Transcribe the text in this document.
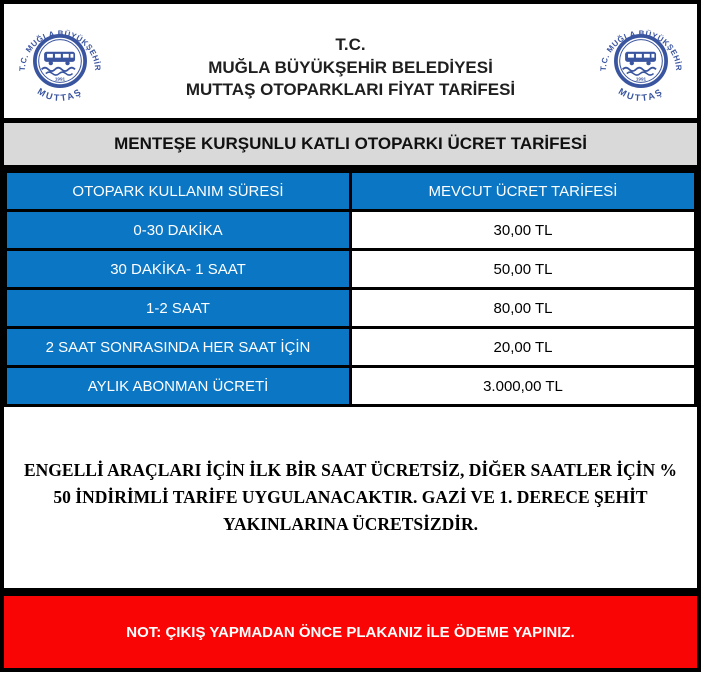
1991
T.C. MUĞLA BÜYÜKŞEHİR
MUTTAŞ
T.C.
MUĞLA BÜYÜKŞEHİR BELEDİYESİ
MUTTAŞ OTOPARKLARI FİYAT TARİFESİ
1991
T.C. MUĞLA BÜYÜKŞEHİR
MUTTAŞ
MENTEŞE KURŞUNLU KATLI OTOPARKI ÜCRET TARİFESİ
OTOPARK KULLANIM SÜRESİ	MEVCUT ÜCRET TARİFESİ
0-30 DAKİKA	30,00 TL
30 DAKİKA- 1 SAAT	50,00 TL
1-2 SAAT	80,00 TL
2 SAAT SONRASINDA HER SAAT İÇİN	20,00 TL
AYLIK ABONMAN ÜCRETİ	3.000,00 TL

ENGELLİ ARAÇLARI İÇİN İLK BİR SAAT ÜCRETSİZ, DİĞER SAATLER İÇİN % 50 İNDİRİMLİ TARİFE UYGULANACAKTIR. GAZİ VE 1. DERECE ŞEHİT YAKINLARINA ÜCRETSİZDİR.

NOT: ÇIKIŞ YAPMADAN ÖNCE PLAKANIZ İLE ÖDEME YAPINIZ.
